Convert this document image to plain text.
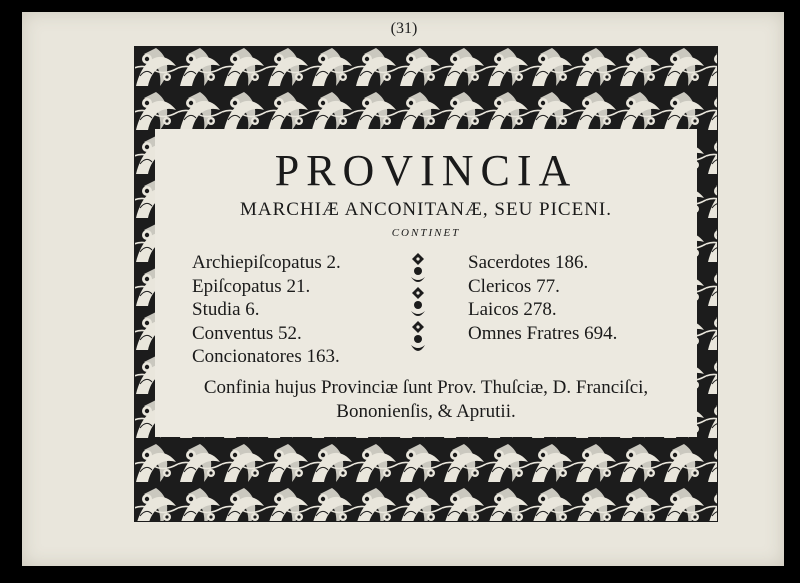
(31)
PROVINCIA
MARCHIÆ ANCONITANÆ, SEU PICENI.
CONTINET
Archiepiſcopatus 2.
Epiſcopatus 21.
Studia 6.
Conventus 52.
Concionatores 163.
Sacerdotes 186.
Clericos 77.
Laicos 278.
Omnes Fratres 694.
Confinia hujus Provinciæ ſunt Prov. Thuſciæ, D. Franciſci,
Bononienſis, & Aprutii.
